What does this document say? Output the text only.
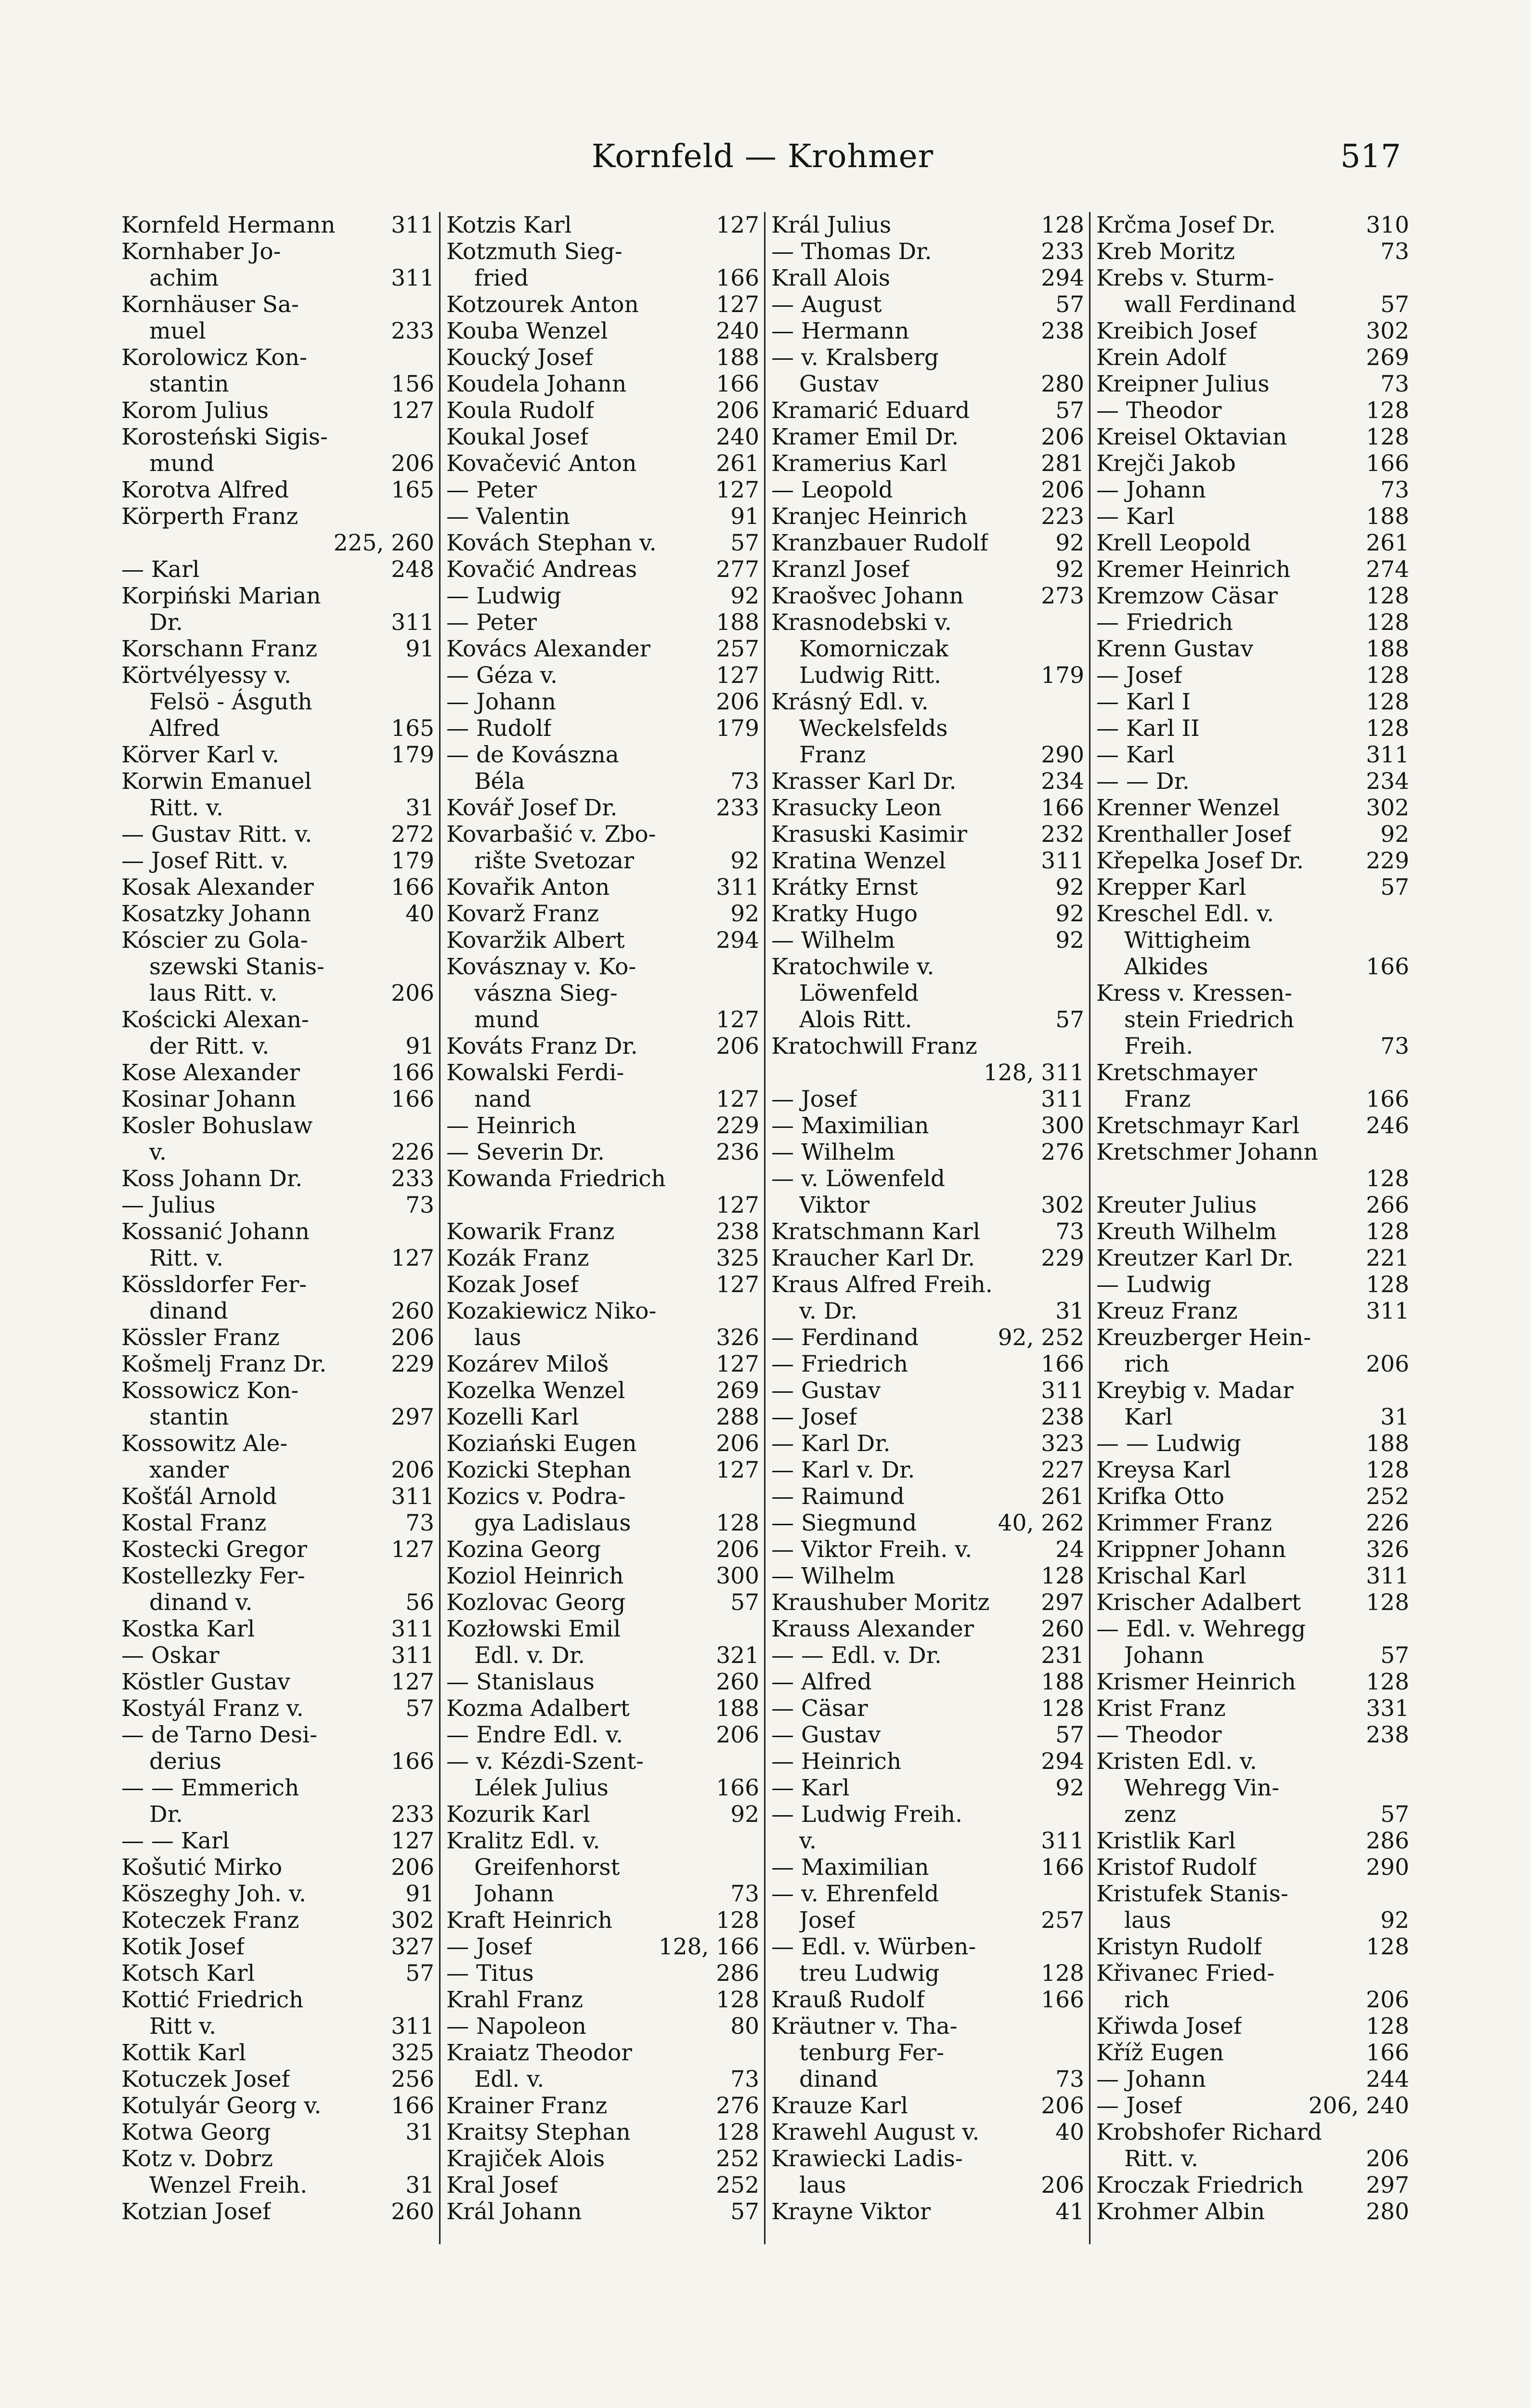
Kornfeld — Krohmer	517
Kornfeld Hermann 311
Kornhaber Jo-
achim	311
Kornhäuser Sa-
muel	233
Korolowicz Kon-
stantin	156
Korom Julius	127
Korosteński Sigis-
mund	206
Korotva Alfred	165
Körperth Franz
225, 260
— Karl	248
Korpiński Marian
Dr.	311
Korschann Franz	91
Körtvélyessy v.
Felsö - Ásguth
Alfred	165
Körver Karl v.	179
Korwin Emanuel
Ritt. v.	31
— Gustav Ritt. v.	272
— Josef Ritt. v.	179
Kosak Alexander	166
Kosatzky Johann	40
Kóscier zu Gola-
szewski Stanis-
laus Ritt. v.	206
Kościcki Alexan-
der Ritt. v.	91
Kose Alexander	166
Kosinar Johann	166
Kosler Bohuslaw
v.	226
Koss Johann Dr.	233
— Julius	73
Kossanić Johann
Ritt. v.	127
Kössldorfer Fer-
dinand	260
Kössler Franz	206
Košmelj Franz Dr.	229
Kossowicz Kon-
stantin	297
Kossowitz Ale-
xander	206
Košťál Arnold	311
Kostal Franz	73
Kostecki Gregor	127
Kostellezky Fer-
dinand v.	56
Kostka Karl	311
— Oskar	311
Köstler Gustav	127
Kostyál Franz v.	57
— de Tarno Desi-
derius	166
— — Emmerich
Dr.	233
— — Karl	127
Košutić Mirko	206
Köszeghy Joh. v.	91
Koteczek Franz	302
Kotik Josef	327
Kotsch Karl	57
Kottić Friedrich
Ritt v.	311
Kottik Karl	325
Kotuczek Josef	256
Kotulyár Georg v.	166
Kotwa Georg	31
Kotz v. Dobrz
Wenzel Freih.	31
Kotzian Josef	260
Kotzis Karl	127
Kotzmuth Sieg-
fried	166
Kotzourek Anton	127
Kouba Wenzel	240
Koucký Josef	188
Koudela Johann	166
Koula Rudolf	206
Koukal Josef	240
Kovačević Anton	261
— Peter	127
— Valentin	91
Kovách Stephan v.	57
Kovačić Andreas	277
— Ludwig	92
— Peter	188
Kovács Alexander	257
— Géza v.	127
— Johann	206
— Rudolf	179
— de Kovászna
Béla	73
Kovář Josef Dr.	233
Kovarbašić v. Zbo-
rište Svetozar	92
Kovařik Anton	311
Kovarž Franz	92
Kovaržik Albert	294
Kovásznay v. Ko-
vászna Sieg-
mund	127
Kováts Franz Dr.	206
Kowalski Ferdi-
nand	127
— Heinrich	229
— Severin Dr.	236
Kowanda Friedrich
127
Kowarik Franz	238
Kozák Franz	325
Kozak Josef	127
Kozakiewicz Niko-
laus	326
Kozárev Miloš	127
Kozelka Wenzel	269
Kozelli Karl	288
Koziański Eugen	206
Kozicki Stephan	127
Kozics v. Podra-
gya Ladislaus	128
Kozina Georg	206
Koziol Heinrich	300
Kozlovac Georg	57
Kozłowski Emil
Edl. v. Dr.	321
— Stanislaus	260
Kozma Adalbert	188
— Endre Edl. v.	206
— v. Kézdi-Szent-
Lélek Julius	166
Kozurik Karl	92
Kralitz Edl. v.
Greifenhorst
Johann	73
Kraft Heinrich	128
— Josef	128, 166
— Titus	286
Krahl Franz	128
— Napoleon	80
Kraiatz Theodor
Edl. v.	73
Krainer Franz	276
Kraitsy Stephan	128
Krajiček Alois	252
Kral Josef	252
Král Johann	57
Král Julius	128
— Thomas Dr.	233
Krall Alois	294
— August	57
— Hermann	238
— v. Kralsberg
Gustav	280
Kramarić Eduard	57
Kramer Emil Dr.	206
Kramerius Karl	281
— Leopold	206
Kranjec Heinrich	223
Kranzbauer Rudolf	92
Kranzl Josef	92
Kraošvec Johann	273
Krasnodebski v.
Komorniczak
Ludwig Ritt.	179
Krásný Edl. v.
Weckelsfelds
Franz	290
Krasser Karl Dr.	234
Krasucky Leon	166
Krasuski Kasimir	232
Kratina Wenzel	311
Krátky Ernst	92
Kratky Hugo	92
— Wilhelm	92
Kratochwile v.
Löwenfeld
Alois Ritt.	57
Kratochwill Franz
128, 311
— Josef	311
— Maximilian	300
— Wilhelm	276
— v. Löwenfeld
Viktor	302
Kratschmann Karl	73
Kraucher Karl Dr.	229
Kraus Alfred Freih.
v. Dr.	31
— Ferdinand	92, 252
— Friedrich	166
— Gustav	311
— Josef	238
— Karl Dr.	323
— Karl v. Dr.	227
— Raimund	261
— Siegmund	40, 262
— Viktor Freih. v.	24
— Wilhelm	128
Kraushuber Moritz 297
Krauss Alexander	260
— — Edl. v. Dr.	231
— Alfred	188
— Cäsar	128
— Gustav	57
— Heinrich	294
— Karl	92
— Ludwig Freih.
v.	311
— Maximilian	166
— v. Ehrenfeld
Josef	257
— Edl. v. Würben-
treu Ludwig	128
Krauß Rudolf	166
Kräutner v. Tha-
tenburg Fer-
dinand	73
Krauze Karl	206
Krawehl August v.	40
Krawiecki Ladis-
laus	206
Krayne Viktor	41
Krčma Josef Dr.	310
Kreb Moritz	73
Krebs v. Sturm-
wall Ferdinand	57
Kreibich Josef	302
Krein Adolf	269
Kreipner Julius	73
— Theodor	128
Kreisel Oktavian	128
Krejči Jakob	166
— Johann	73
— Karl	188
Krell Leopold	261
Kremer Heinrich	274
Kremzow Cäsar	128
— Friedrich	128
Krenn Gustav	188
— Josef	128
— Karl I	128
— Karl II	128
— Karl	311
— — Dr.	234
Krenner Wenzel	302
Krenthaller Josef	92
Křepelka Josef Dr.	229
Krepper Karl	57
Kreschel Edl. v.
Wittigheim
Alkides	166
Kress v. Kressen-
stein Friedrich
Freih.	73
Kretschmayer
Franz	166
Kretschmayr Karl	246
Kretschmer Johann
128
Kreuter Julius	266
Kreuth Wilhelm	128
Kreutzer Karl Dr.	221
— Ludwig	128
Kreuz Franz	311
Kreuzberger Hein-
rich	206
Kreybig v. Madar
Karl	31
— — Ludwig	188
Kreysa Karl	128
Krifka Otto	252
Krimmer Franz	226
Krippner Johann	326
Krischal Karl	311
Krischer Adalbert	128
— Edl. v. Wehregg
Johann	57
Krismer Heinrich	128
Krist Franz	331
— Theodor	238
Kristen Edl. v.
Wehregg Vin-
zenz	57
Kristlik Karl	286
Kristof Rudolf	290
Kristufek Stanis-
laus	92
Kristyn Rudolf	128
Křivanec Fried-
rich	206
Křiwda Josef	128
Kříž Eugen	166
— Johann	244
— Josef	206, 240
Krobshofer Richard
Ritt. v.	206
Kroczak Friedrich	297
Krohmer Albin	280
